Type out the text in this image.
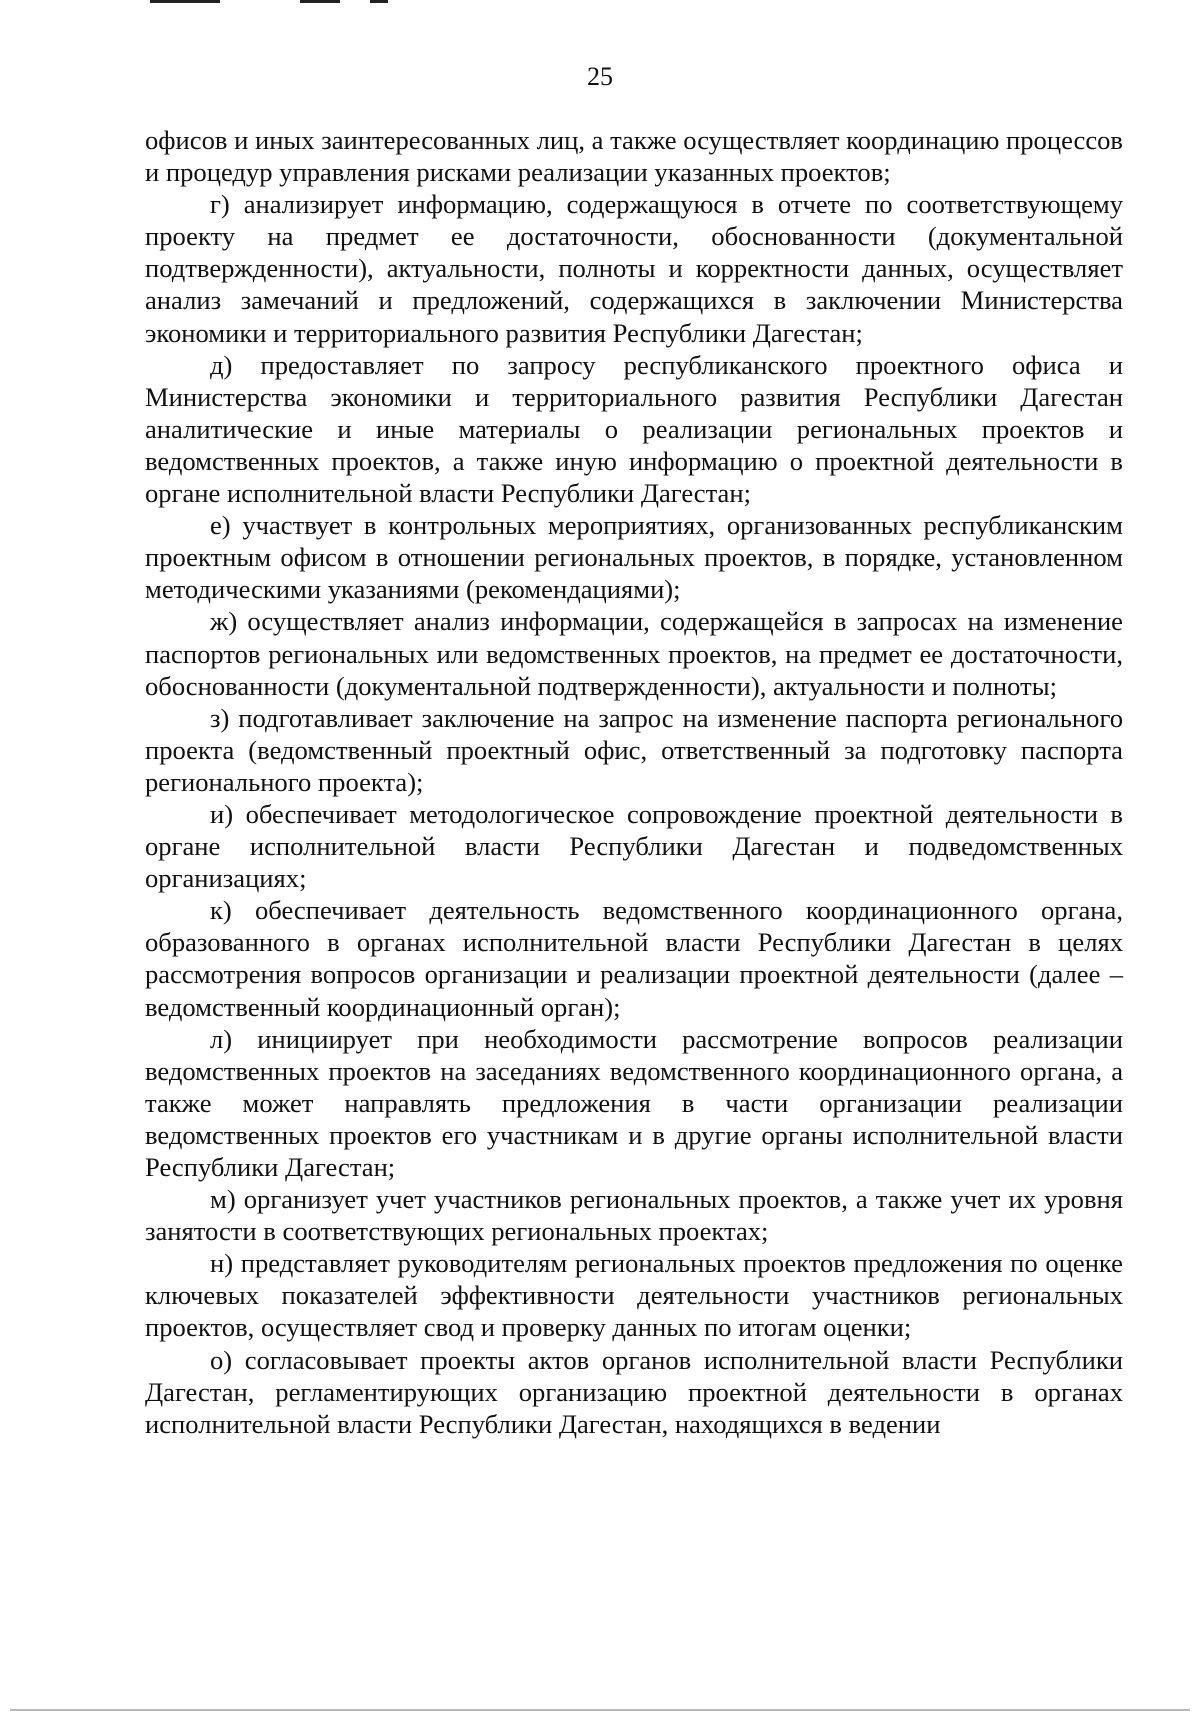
25

офисов и иных заинтересованных лиц, а также осуществляет координацию процессов и процедур управления рисками реализации указанных проектов;

г) анализирует информацию, содержащуюся в отчете по соответствующему проекту на предмет ее достаточности, обоснованности (документальной подтвержденности), актуальности, полноты и корректности данных, осуществляет анализ замечаний и предложений, содержащихся в заключении Министерства экономики и территориального развития Республики Дагестан;

д) предоставляет по запросу республиканского проектного офиса и Министерства экономики и территориального развития Республики Дагестан аналитические и иные материалы о реализации региональных проектов и ведомственных проектов, а также иную информацию о проектной деятельности в органе исполнительной власти Республики Дагестан;

е) участвует в контрольных мероприятиях, организованных республиканским проектным офисом в отношении региональных проектов, в порядке, установленном методическими указаниями (рекомендациями);

ж) осуществляет анализ информации, содержащейся в запросах на изменение паспортов региональных или ведомственных проектов, на предмет ее достаточности, обоснованности (документальной подтвержденности), актуальности и полноты;

з) подготавливает заключение на запрос на изменение паспорта регионального проекта (ведомственный проектный офис, ответственный за подготовку паспорта регионального проекта);

и) обеспечивает методологическое сопровождение проектной деятельности в органе исполнительной власти Республики Дагестан и подведомственных организациях;

к) обеспечивает деятельность ведомственного координационного органа, образованного в органах исполнительной власти Республики Дагестан в целях рассмотрения вопросов организации и реализации проектной деятельности (далее – ведомственный координационный орган);

л) инициирует при необходимости рассмотрение вопросов реализации ведомственных проектов на заседаниях ведомственного координационного органа, а также может направлять предложения в части организации реализации ведомственных проектов его участникам и в другие органы исполнительной власти Республики Дагестан;

м) организует учет участников региональных проектов, а также учет их уровня занятости в соответствующих региональных проектах;

н) представляет руководителям региональных проектов предложения по оценке ключевых показателей эффективности деятельности участников региональных проектов, осуществляет свод и проверку данных по итогам оценки;

о) согласовывает проекты актов органов исполнительной власти Республики Дагестан, регламентирующих организацию проектной деятельности в органах исполнительной власти Республики Дагестан, находящихся в ведении
